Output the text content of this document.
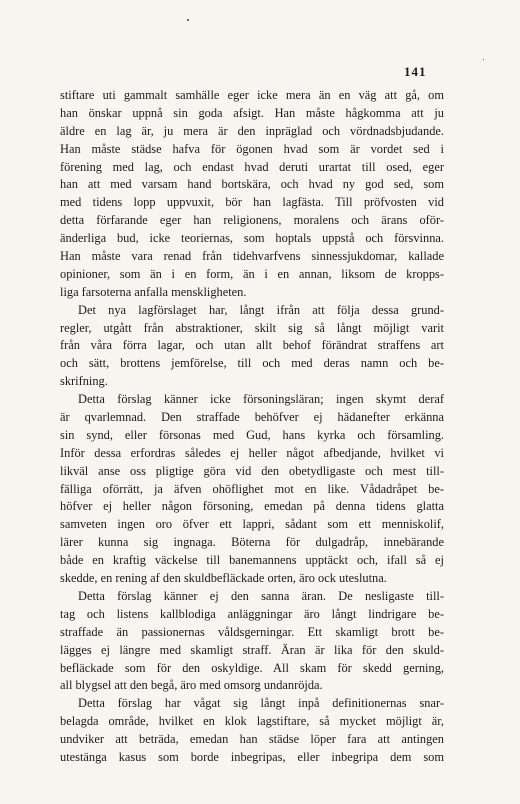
141
stiftare uti gammalt samhälle eger icke mera än en väg att gå, om
han önskar uppnå sin goda afsigt. Han måste hågkomma att ju
äldre en lag är, ju mera är den inpräglad och vördnadsbjudande.
Han måste städse hafva för ögonen hvad som är vordet sed i
förening med lag, och endast hvad deruti urartat till osed, eger
han att med varsam hand bortskära, och hvad ny god sed, som
med tidens lopp uppvuxit, bör han lagfästa. Till pröfvosten vid
detta förfarande eger han religionens, moralens och ärans oför-
änderliga bud, icke teoriernas, som hoptals uppstå och försvinna.
Han måste vara renad från tidehvarfvens sinnessjukdomar, kallade
opinioner, som än i en form, än i en annan, liksom de kropps-
liga farsoterna anfalla menskligheten.
Det nya lagförslaget har, långt ifrån att följa dessa grund-
regler, utgått från abstraktioner, skilt sig så långt möjligt varit
från våra förra lagar, och utan allt behof förändrat straffens art
och sätt, brottens jemförelse, till och med deras namn och be-
skrifning.
Detta förslag känner icke försoningsläran; ingen skymt deraf
är qvarlemnad. Den straffade behöfver ej hädanefter erkänna
sin synd, eller försonas med Gud, hans kyrka och församling.
Inför dessa erfordras således ej heller något afbedjande, hvilket vi
likväl anse oss pligtige göra vid den obetydligaste och mest till-
fälliga oförrätt, ja äfven ohöflighet mot en like. Vådadråpet be-
höfver ej heller någon försoning, emedan på denna tidens glatta
samveten ingen oro öfver ett lappri, sådant som ett menniskolif,
lärer kunna sig ingnaga. Böterna för dulgadråp, innebärande
både en kraftig väckelse till banemannens upptäckt och, ifall så ej
skedde, en rening af den skuldbefläckade orten, äro ock uteslutna.
Detta förslag känner ej den sanna äran. De nesligaste till-
tag och listens kallblodiga anläggningar äro långt lindrigare be-
straffade än passionernas våldsgerningar. Ett skamligt brott be-
lägges ej längre med skamligt straff. Äran är lika för den skuld-
befläckade som för den oskyldige. All skam för skedd gerning,
all blygsel att den begå, äro med omsorg undanröjda.
Detta förslag har vågat sig långt inpå definitionernas snar-
belagda område, hvilket en klok lagstiftare, så mycket möjligt är,
undviker att beträda, emedan han städse löper fara att antingen
utestänga kasus som borde inbegripas, eller inbegripa dem som
